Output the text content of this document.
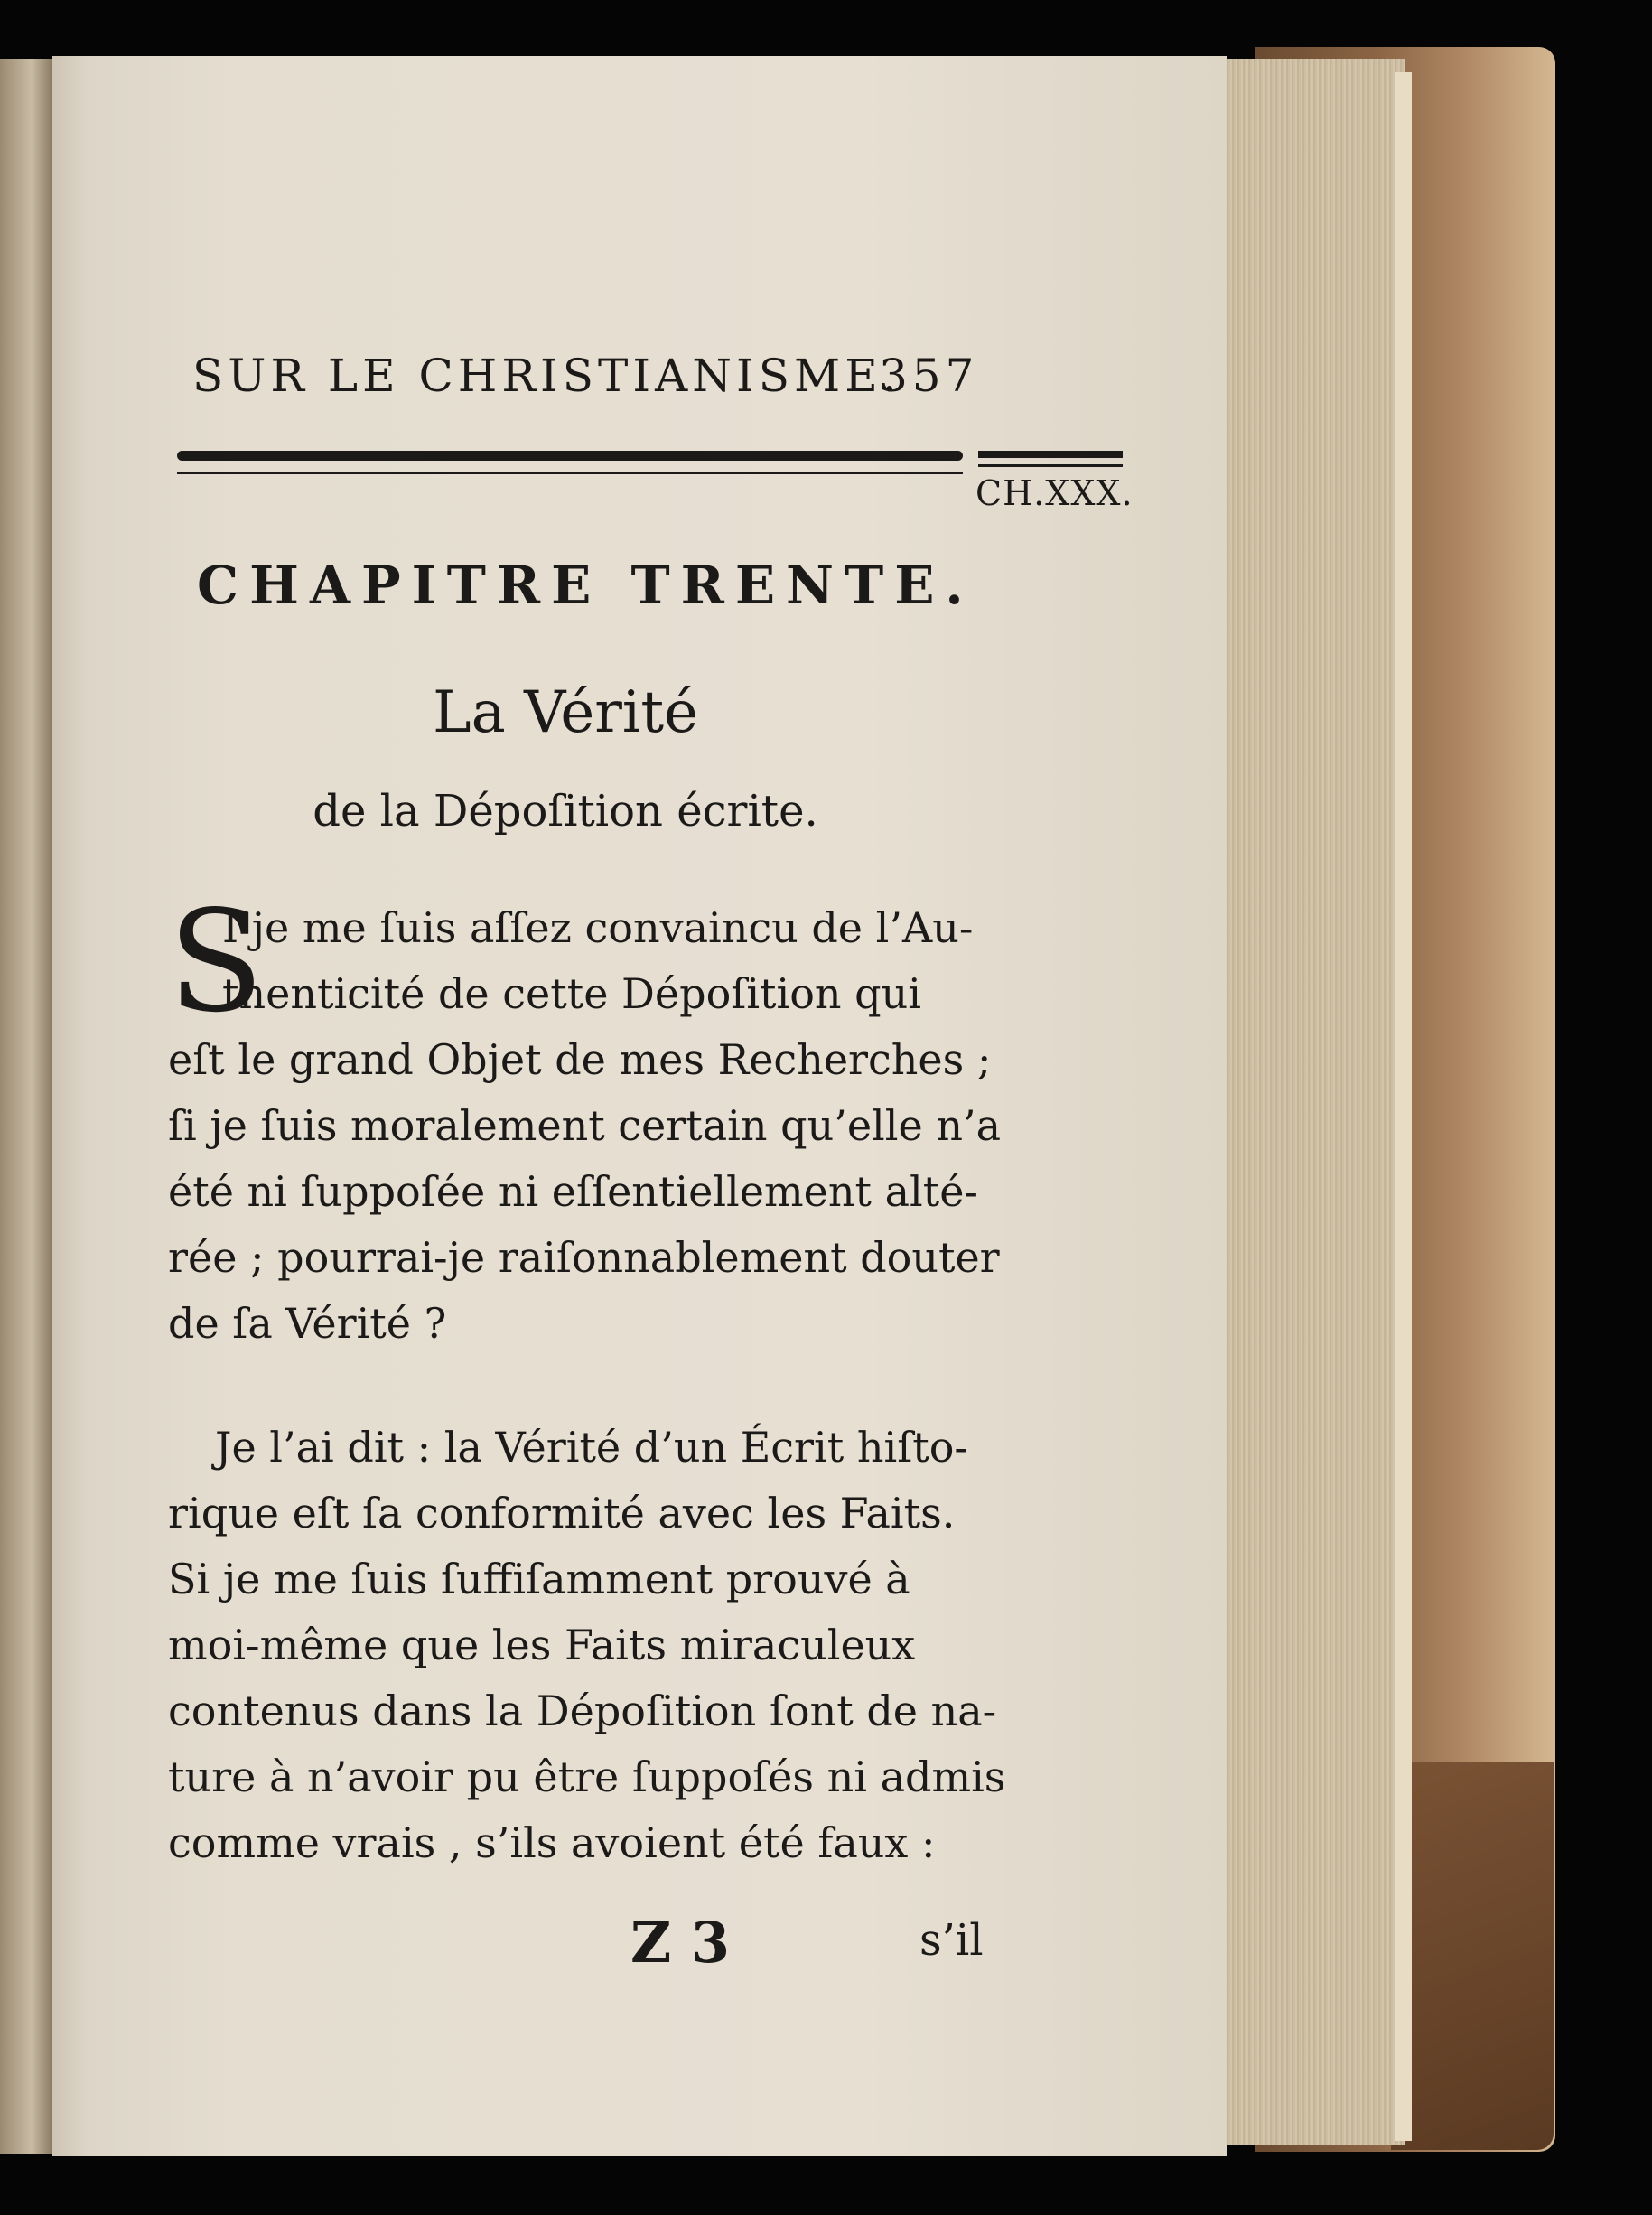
SUR LE CHRISTIANISME.
357
CH.XXX.
CHAPITRE TRENTE.
La Vérité
de la Dépoſition écrite.
S
I je me ſuis aſſez convaincu de l’Au-
thenticité de cette Dépoſition qui
eſt le grand Objet de mes Recherches ;
ſi je ſuis moralement certain qu’elle n’a
été ni ſuppoſée ni eſſentiellement alté-
rée ; pourrai-je raiſonnablement douter
de ſa Vérité ?
Je l’ai dit : la Vérité d’un Écrit hiſto-
rique eſt ſa conformité avec les Faits.
Si je me ſuis ſuffiſamment prouvé à
moi-même que les Faits miraculeux
contenus dans la Dépoſition ſont de na-
ture à n’avoir pu être ſuppoſés ni admis
comme vrais , s’ils avoient été faux :
Z 3	s’il
